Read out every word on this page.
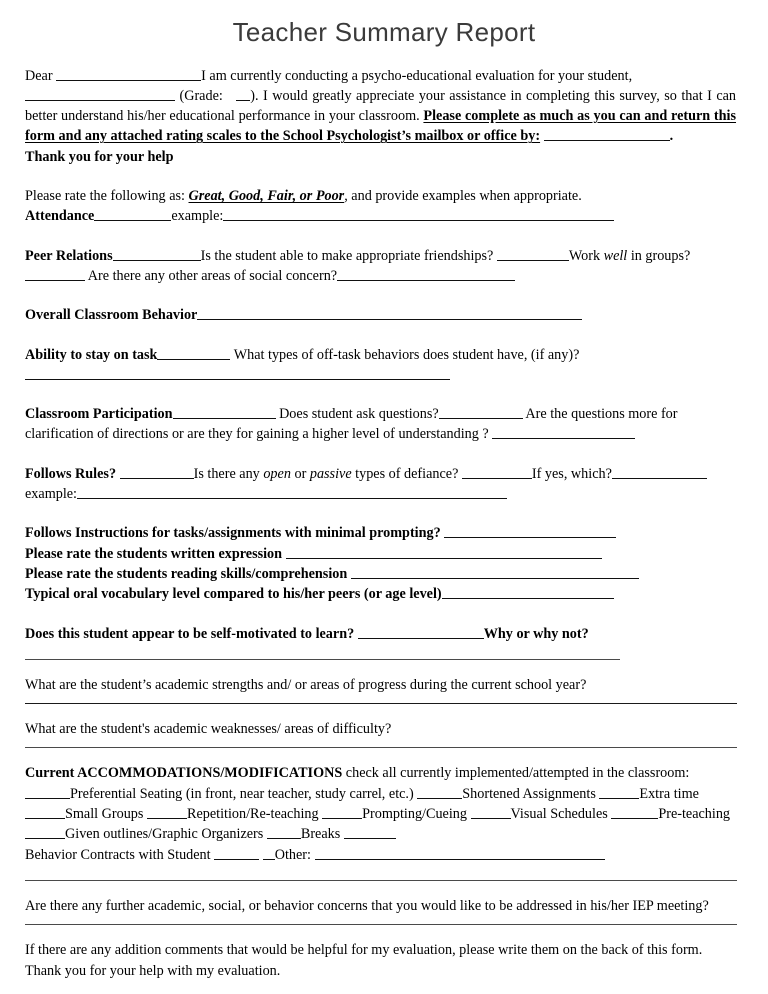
Teacher Summary Report

Dear	I am currently conducting a psycho-educational evaluation for your student,
(Grade: ). I would greatly appreciate your assistance in completing this survey, so that I can better understand his/her educational performance in your classroom. Please complete as much as you can and return this form and any attached rating scales to the School Psychologist’s mailbox or office by:	.
Thank you for your help

Please rate the following as: Great, Good, Fair, or Poor, and provide examples when appropriate.

Attendance	example:

Peer Relations	Is the student able to make appropriate friendships?	Work well in groups? Are there any other areas of social concern?

Overall Classroom Behavior

Ability to stay on task	What types of off-task behaviors does student have, (if any)?

Classroom Participation	Does student ask questions?	Are the questions more for clarification of directions or are they for gaining a higher level of understanding ?

Follows Rules?	Is there any open or passive types of defiance?	If yes, which?example:

Follows Instructions for tasks/assignments with minimal prompting?

Please rate the students written expression

Please rate the students reading skills/comprehension

Typical oral vocabulary level compared to his/her peers (or age level)

Does this student appear to be self-motivated to learn?	Why or why not?

What are the student’s academic strengths and/ or areas of progress during the current school year?

What are the student's academic weaknesses/ areas of difficulty?

Current ACCOMMODATIONS/MODIFICATIONS check all currently implemented/attempted in the classroom:

Preferential Seating (in front, near teacher, study carrel, etc.)	Shortened Assignments	Extra time Small Groups	Repetition/Re-teaching	Prompting/Cueing	Visual Schedules	Pre-teaching Given outlines/Graphic Organizers	Breaks
Behavior Contracts with Student	Other:

Are there any further academic, social, or behavior concerns that you would like to be addressed in his/her IEP meeting?

If there are any addition comments that would be helpful for my evaluation, please write them on the back of this form.

Thank you for your help with my evaluation.
